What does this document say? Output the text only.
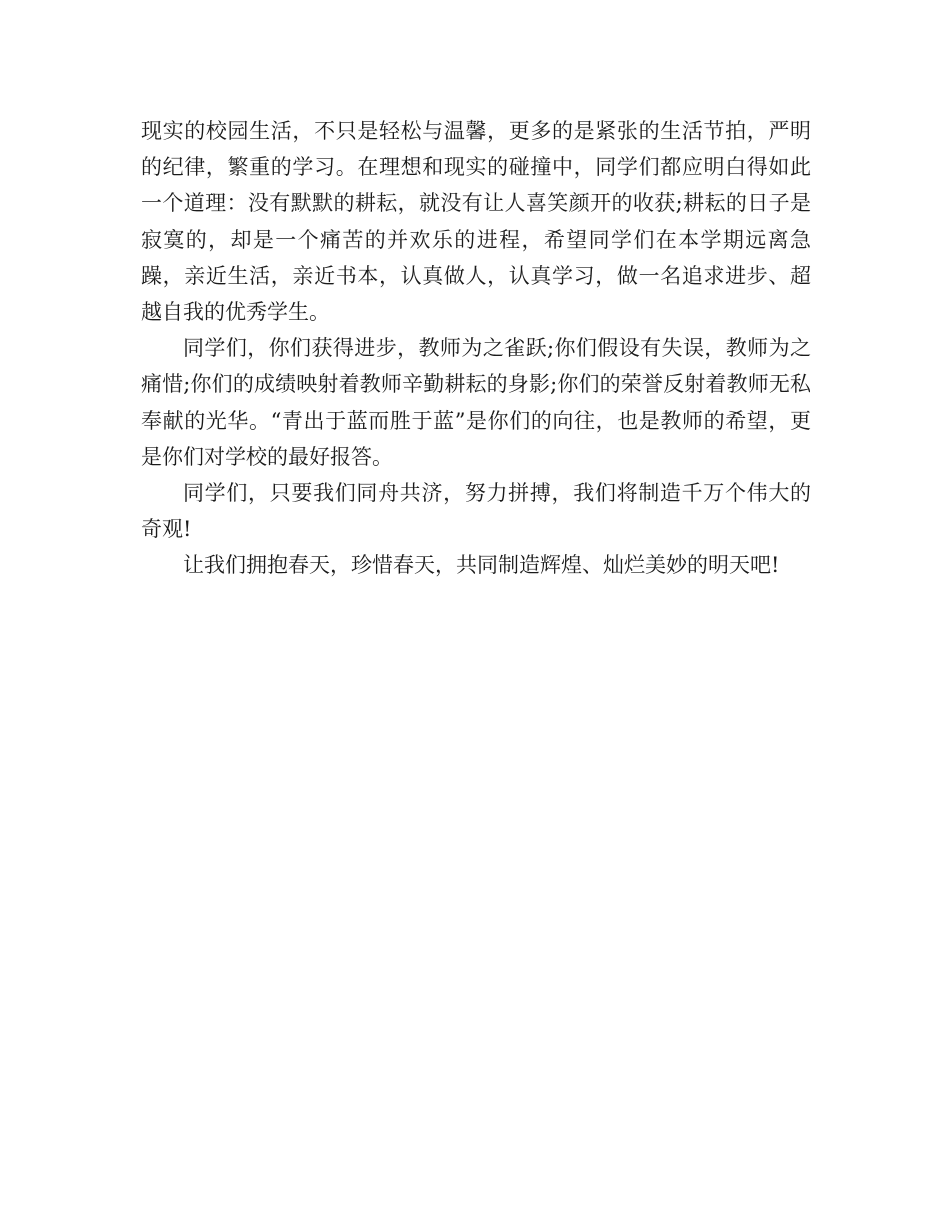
现实的校园生活，不只是轻松与温馨，更多的是紧张的生活节拍，严明的纪律，繁重的学习。在理想和现实的碰撞中，同学们都应明白得如此一个道理：没有默默的耕耘，就没有让人喜笑颜开的收获;耕耘的日子是寂寞的，却是一个痛苦的并欢乐的进程，希望同学们在本学期远离急躁，亲近生活，亲近书本，认真做人，认真学习，做一名追求进步、超越自我的优秀学生。

同学们，你们获得进步，教师为之雀跃;你们假设有失误，教师为之痛惜;你们的成绩映射着教师辛勤耕耘的身影;你们的荣誉反射着教师无私奉献的光华。“青出于蓝而胜于蓝”是你们的向往，也是教师的希望，更是你们对学校的最好报答。

同学们，只要我们同舟共济，努力拼搏，我们将制造千万个伟大的奇观!

让我们拥抱春天，珍惜春天，共同制造辉煌、灿烂美妙的明天吧!
